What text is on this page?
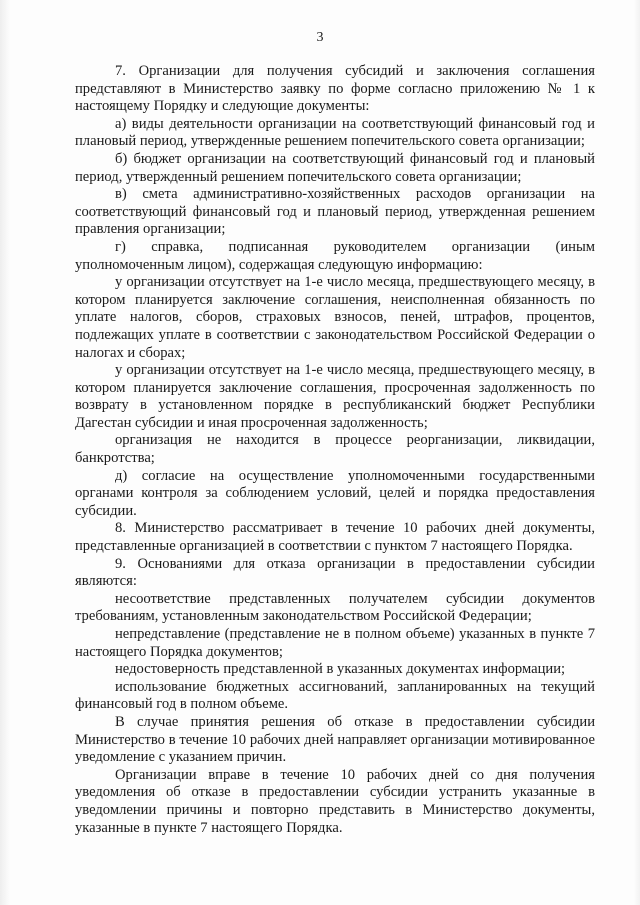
3

7. Организации для получения субсидий и заключения соглашения представляют в Министерство заявку по форме согласно приложению № 1 к настоящему Порядку и следующие документы:

а) виды деятельности организации на соответствующий финансовый год и плановый период, утвержденные решением попечительского совета организации;

б) бюджет организации на соответствующий финансовый год и плановый период, утвержденный решением попечительского совета организации;

в) смета административно-хозяйственных расходов организации на соответствующий финансовый год и плановый период, утвержденная решением правления организации;

г) справка, подписанная руководителем организации (иным уполномоченным лицом), содержащая следующую информацию:

у организации отсутствует на 1-е число месяца, предшествующего месяцу, в котором планируется заключение соглашения, неисполненная обязанность по уплате налогов, сборов, страховых взносов, пеней, штрафов, процентов, подлежащих уплате в соответствии с законодательством Российской Федерации о налогах и сборах;

у организации отсутствует на 1-е число месяца, предшествующего месяцу, в котором планируется заключение соглашения, просроченная задолженность по возврату в установленном порядке в республиканский бюджет Республики Дагестан субсидии и иная просроченная задолженность;

организация не находится в процессе реорганизации, ликвидации, банкротства;

д) согласие на осуществление уполномоченными государственными органами контроля за соблюдением условий, целей и порядка предоставления субсидии.

8. Министерство рассматривает в течение 10 рабочих дней документы, представленные организацией в соответствии с пунктом 7 настоящего Порядка.

9. Основаниями для отказа организации в предоставлении субсидии являются:

несоответствие представленных получателем субсидии документов требованиям, установленным законодательством Российской Федерации;

непредставление (представление не в полном объеме) указанных в пункте 7 настоящего Порядка документов;

недостоверность представленной в указанных документах информации;

использование бюджетных ассигнований, запланированных на текущий финансовый год в полном объеме.

В случае принятия решения об отказе в предоставлении субсидии Министерство в течение 10 рабочих дней направляет организации мотивированное уведомление с указанием причин.

Организации вправе в течение 10 рабочих дней со дня получения уведомления об отказе в предоставлении субсидии устранить указанные в уведомлении причины и повторно представить в Министерство документы, указанные в пункте 7 настоящего Порядка.
